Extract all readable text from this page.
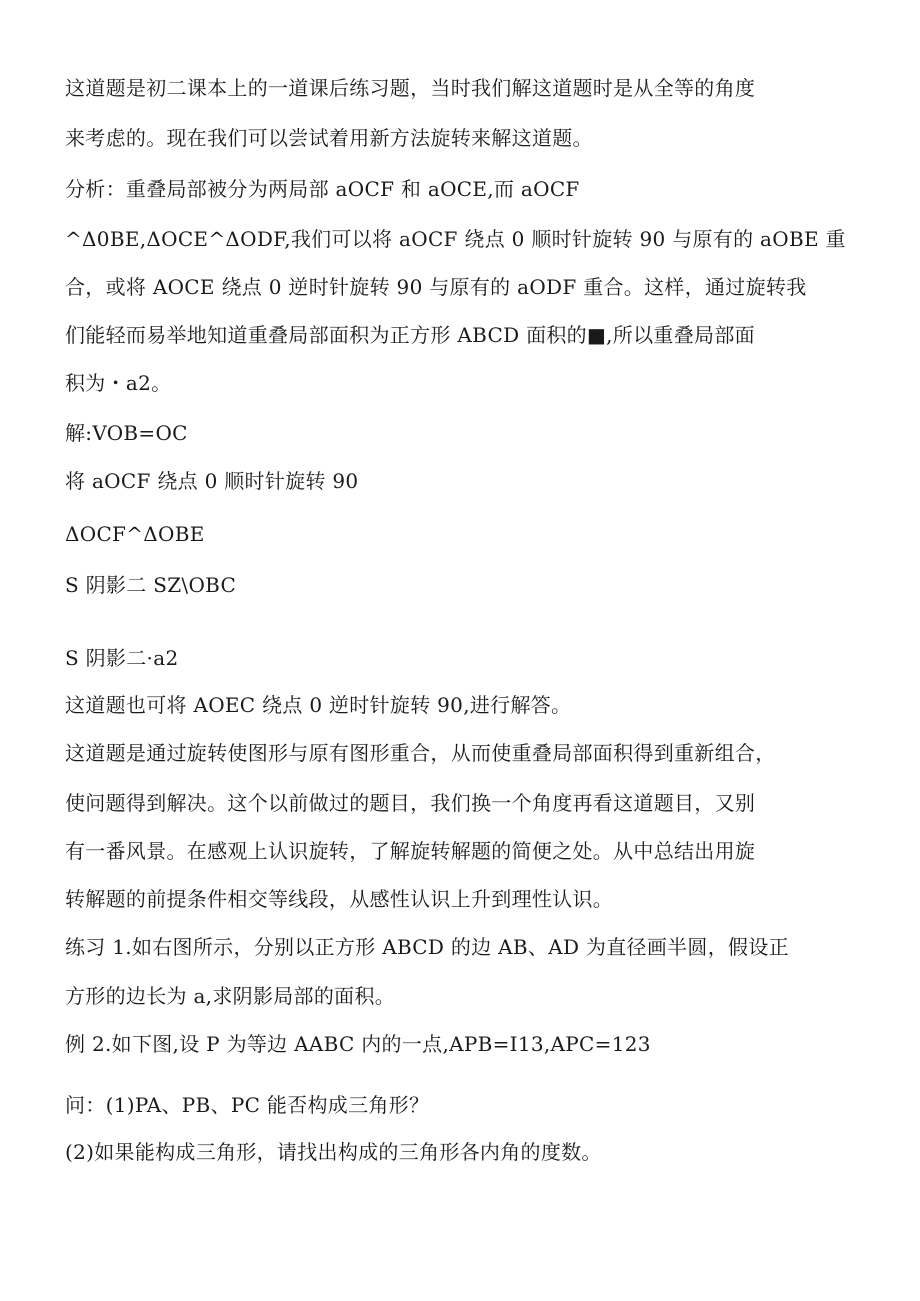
这道题是初二课本上的一道课后练习题，当时我们解这道题时是从全等的角度
来考虑的。现在我们可以尝试着用新方法旋转来解这道题。
分析：重叠局部被分为两局部 aOCF 和 aOCE,而 aOCF
^Δ0BE,ΔOCE^ΔODF,我们可以将 aOCF 绕点 0 顺时针旋转 90 与原有的 aOBE 重
合，或将 AOCE 绕点 0 逆时针旋转 90 与原有的 aODF 重合。这样，通过旋转我
们能轻而易举地知道重叠局部面积为正方形 ABCD 面积的■,所以重叠局部面
积为・a2。
解:VOB=OC
将 aOCF 绕点 0 顺时针旋转 90
ΔOCF^ΔOBE
S 阴影二 SZ\OBC
S 阴影二·a2
这道题也可将 AOEC 绕点 0 逆时针旋转 90,进行解答。
这道题是通过旋转使图形与原有图形重合，从而使重叠局部面积得到重新组合，
使问题得到解决。这个以前做过的题目，我们换一个角度再看这道题目，又别
有一番风景。在感观上认识旋转，了解旋转解题的简便之处。从中总结出用旋
转解题的前提条件相交等线段，从感性认识上升到理性认识。
练习 1.如右图所示，分别以正方形 ABCD 的边 AB、AD 为直径画半圆，假设正
方形的边长为 a,求阴影局部的面积。
例 2.如下图,设 P 为等边 AABC 内的一点,APB=I13,APC=123
问：(1)PA、PB、PC 能否构成三角形？
(2)如果能构成三角形，请找出构成的三角形各内角的度数。
